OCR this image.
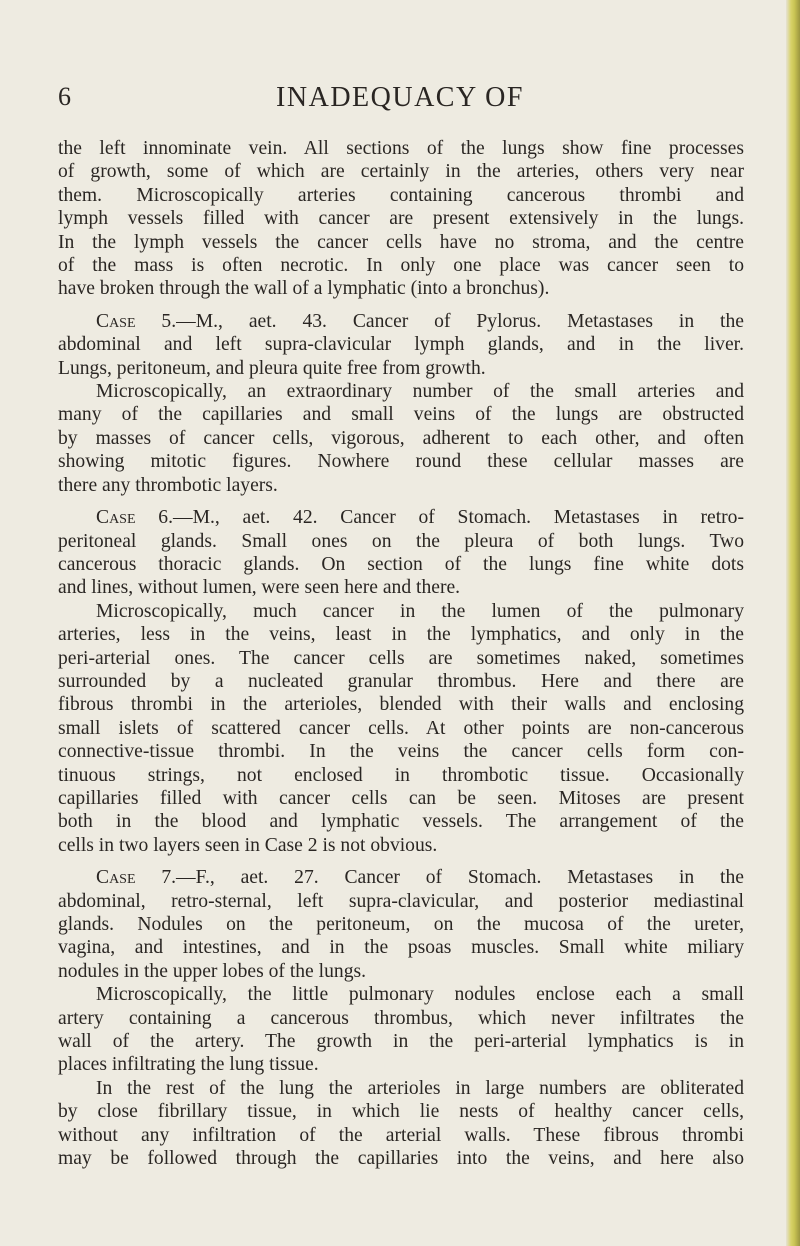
6	INADEQUACY OF
the left innominate vein. All sections of the lungs show fine processes
of growth, some of which are certainly in the arteries, others very near
them. Microscopically arteries containing cancerous thrombi and
lymph vessels filled with cancer are present extensively in the lungs.
In the lymph vessels the cancer cells have no stroma, and the centre
of the mass is often necrotic. In only one place was cancer seen to
have broken through the wall of a lymphatic (into a bronchus).
Case 5.—M., aet. 43. Cancer of Pylorus. Metastases in the
abdominal and left supra-clavicular lymph glands, and in the liver.
Lungs, peritoneum, and pleura quite free from growth.
Microscopically, an extraordinary number of the small arteries and
many of the capillaries and small veins of the lungs are obstructed
by masses of cancer cells, vigorous, adherent to each other, and often
showing mitotic figures. Nowhere round these cellular masses are
there any thrombotic layers.
Case 6.—M., aet. 42. Cancer of Stomach. Metastases in retro-
peritoneal glands. Small ones on the pleura of both lungs. Two
cancerous thoracic glands. On section of the lungs fine white dots
and lines, without lumen, were seen here and there.
Microscopically, much cancer in the lumen of the pulmonary
arteries, less in the veins, least in the lymphatics, and only in the
peri-arterial ones. The cancer cells are sometimes naked, sometimes
surrounded by a nucleated granular thrombus. Here and there are
fibrous thrombi in the arterioles, blended with their walls and enclosing
small islets of scattered cancer cells. At other points are non-cancerous
connective-tissue thrombi. In the veins the cancer cells form con-
tinuous strings, not enclosed in thrombotic tissue. Occasionally
capillaries filled with cancer cells can be seen. Mitoses are present
both in the blood and lymphatic vessels. The arrangement of the
cells in two layers seen in Case 2 is not obvious.
Case 7.—F., aet. 27. Cancer of Stomach. Metastases in the
abdominal, retro-sternal, left supra-clavicular, and posterior mediastinal
glands. Nodules on the peritoneum, on the mucosa of the ureter,
vagina, and intestines, and in the psoas muscles. Small white miliary
nodules in the upper lobes of the lungs.
Microscopically, the little pulmonary nodules enclose each a small
artery containing a cancerous thrombus, which never infiltrates the
wall of the artery. The growth in the peri-arterial lymphatics is in
places infiltrating the lung tissue.
In the rest of the lung the arterioles in large numbers are obliterated
by close fibrillary tissue, in which lie nests of healthy cancer cells,
without any infiltration of the arterial walls. These fibrous thrombi
may be followed through the capillaries into the veins, and here also
